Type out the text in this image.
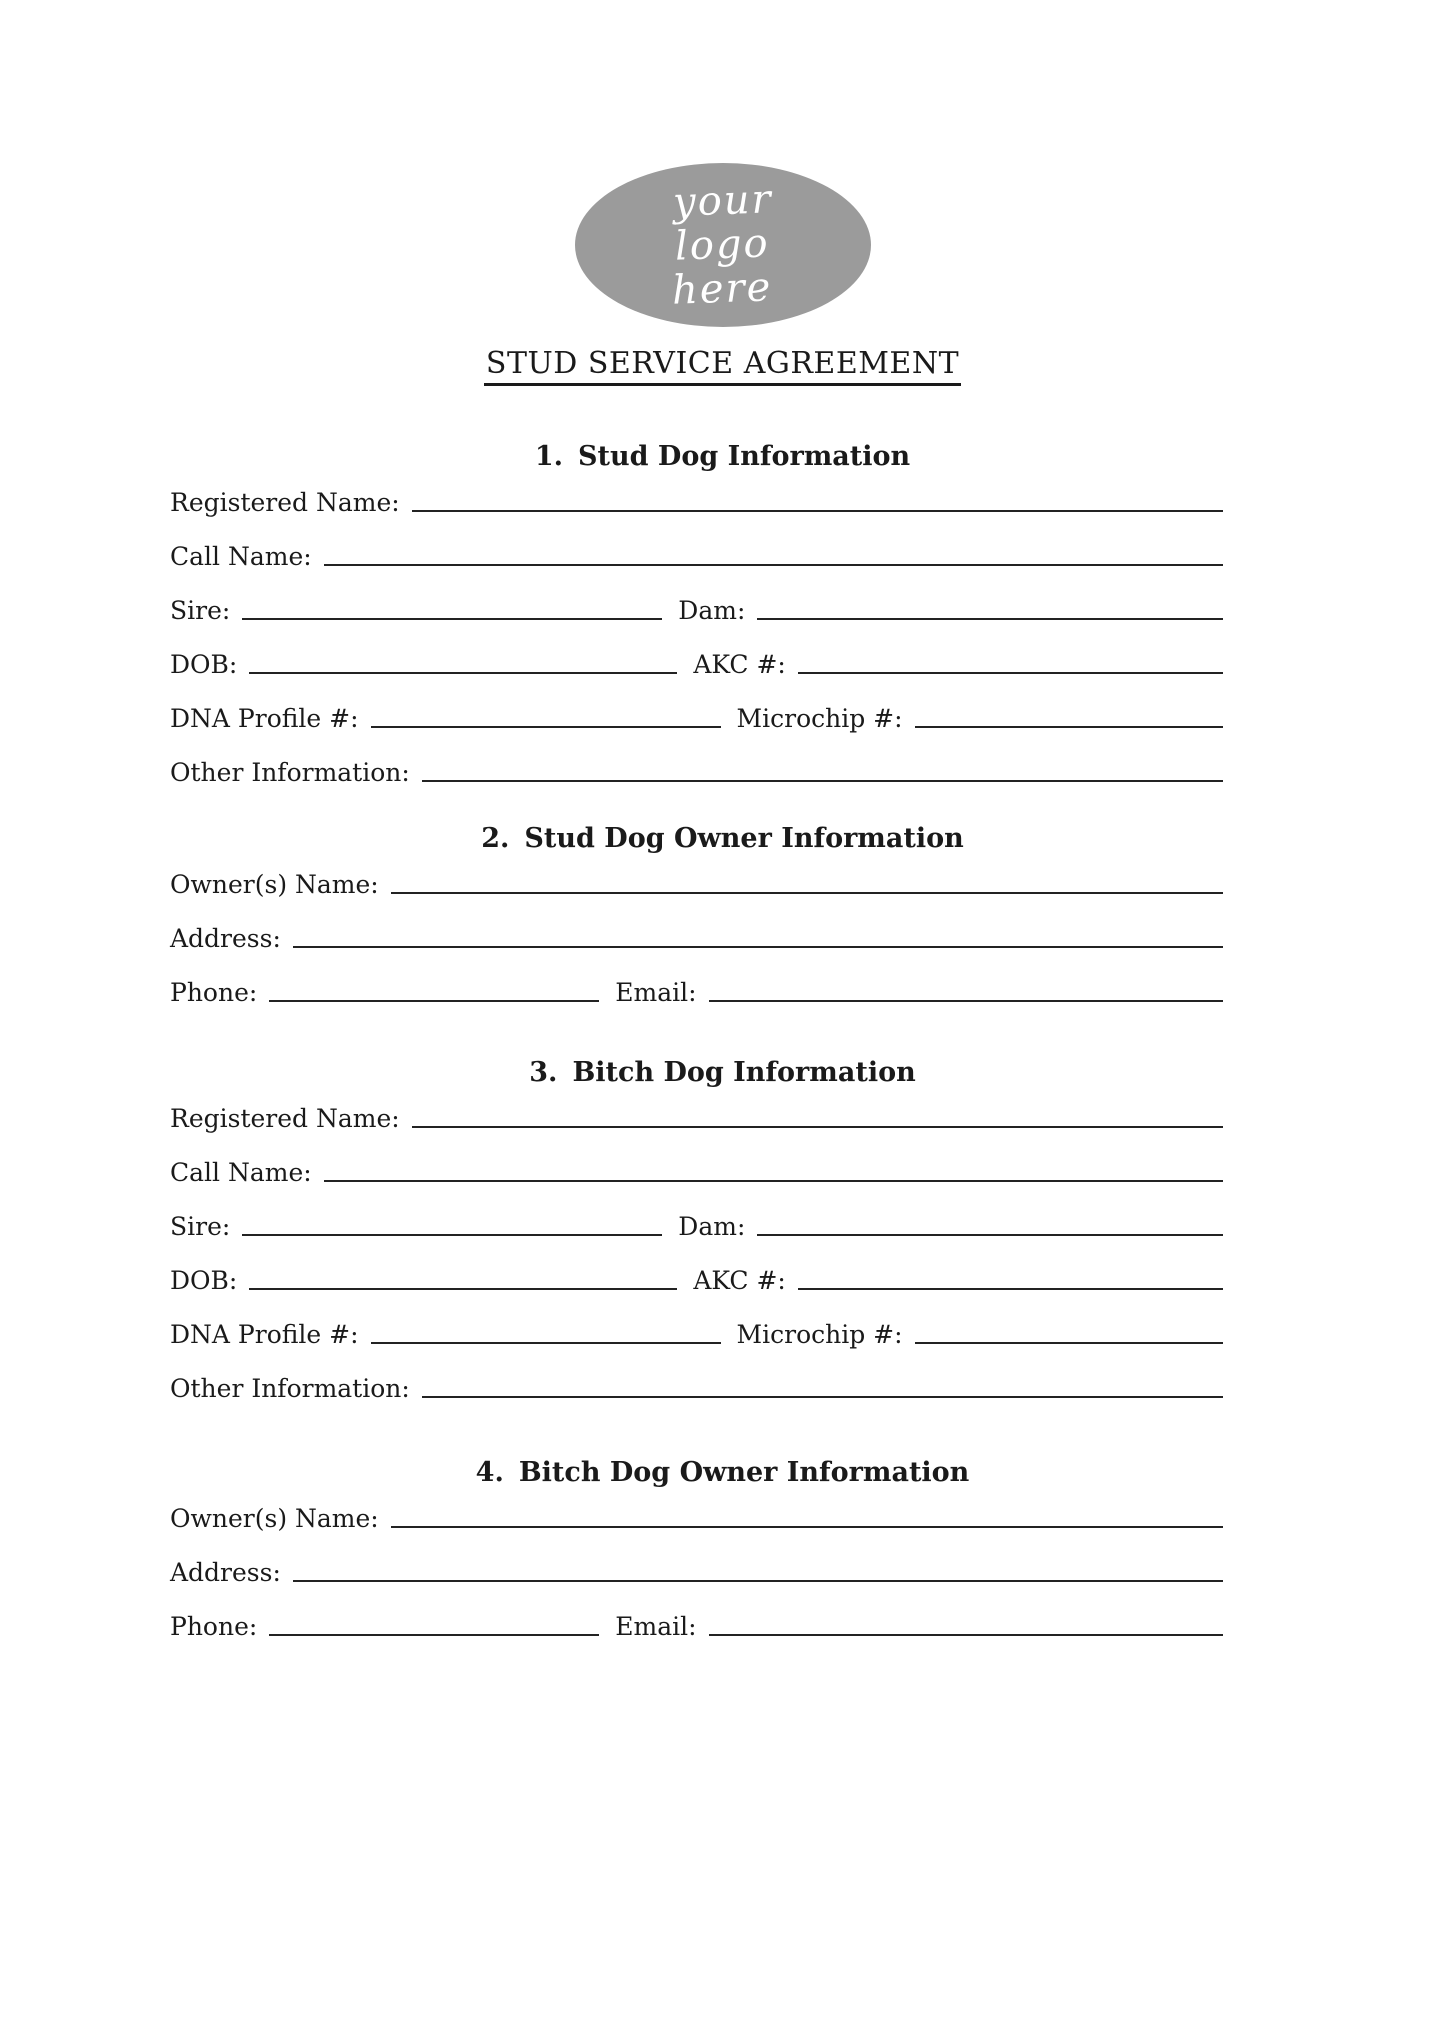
your
logo
here
STUD SERVICE AGREEMENT
1. Stud Dog Information
Registered Name:
Call Name:
Sire:	Dam:
DOB:	AKC #:
DNA Profile #:	Microchip #:
Other Information:
2. Stud Dog Owner Information
Owner(s) Name:
Address:
Phone:	Email:
3. Bitch Dog Information
Registered Name:
Call Name:
Sire:	Dam:
DOB:	AKC #:
DNA Profile #:	Microchip #:
Other Information:
4. Bitch Dog Owner Information
Owner(s) Name:
Address:
Phone:	Email:
